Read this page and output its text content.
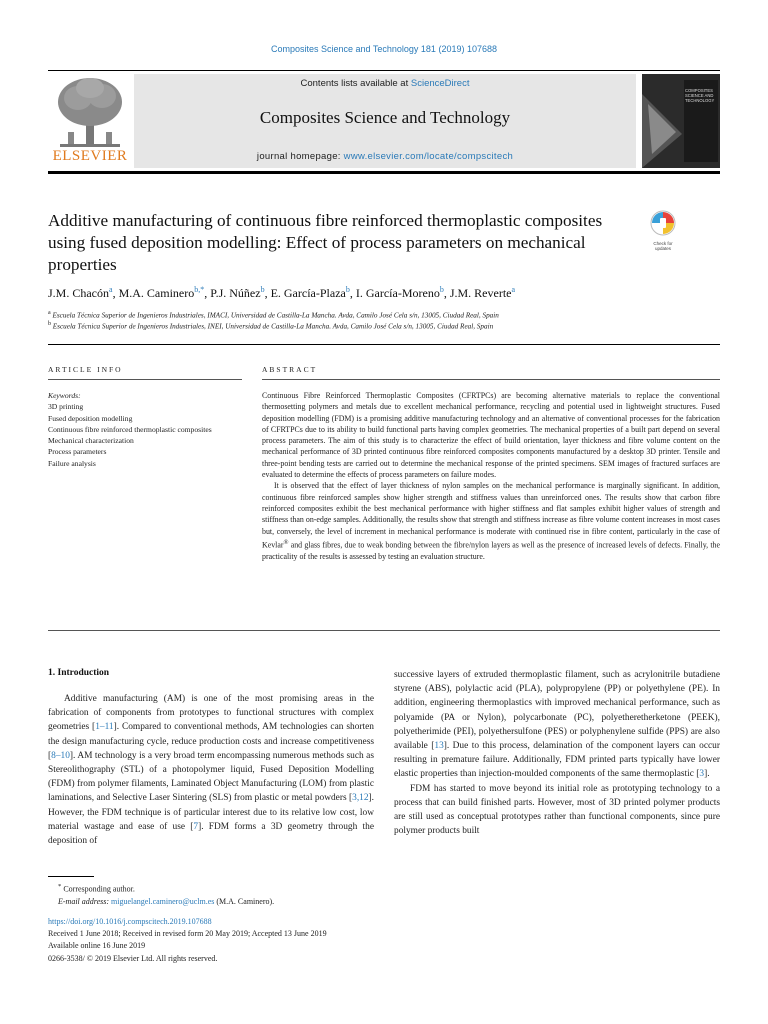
Composites Science and Technology 181 (2019) 107688
ELSEVIER
Contents lists available at ScienceDirect
Composites Science and Technology
journal homepage: www.elsevier.com/locate/compscitech
COMPOSITES SCIENCE AND TECHNOLOGY
Additive manufacturing of continuous fibre reinforced thermoplastic composites using fused deposition modelling: Effect of process parameters on mechanical properties
Check for updates
J.M. Chacón$^a$, M.A. Caminero$^{b,*}$, P.J. Núñez$^b$, E. García-Plaza$^b$, I. García-Moreno$^b$, J.M. Reverte$^a$
$^a$ Escuela Técnica Superior de Ingenieros Industriales, IMACI, Universidad de Castilla-La Mancha. Avda, Camilo José Cela s/n, 13005, Ciudad Real, Spain
$^b$ Escuela Técnica Superior de Ingenieros Industriales, INEI, Universidad de Castilla-La Mancha. Avda, Camilo José Cela s/n, 13005, Ciudad Real, Spain
ARTICLE INFO
Keywords:
3D printing
Fused deposition modelling
Continuous fibre reinforced thermoplastic composites
Mechanical characterization
Process parameters
Failure analysis
ABSTRACT

Continuous Fibre Reinforced Thermoplastic Composites (CFRTPCs) are becoming alternative materials to replace the conventional thermosetting polymers and metals due to excellent mechanical performance, recycling and potential used in lightweight structures. Fused deposition modelling (FDM) is a promising additive manufacturing technology and an alternative of conventional processes for the fabrication of CFRTPCs due to its ability to build functional parts having complex geometries. The mechanical properties of a built part depend on several process parameters. The aim of this study is to characterize the effect of build orientation, layer thickness and fibre volume content on the mechanical performance of 3D printed continuous fibre reinforced composites components manufactured by a desktop 3D printer. Tensile and three-point bending tests are carried out to determine the mechanical response of the printed specimens. SEM images of fractured surfaces are evaluated to determine the effects of process parameters on failure modes.

It is observed that the effect of layer thickness of nylon samples on the mechanical performance is marginally significant. In addition, continuous fibre reinforced samples show higher strength and stiffness values than unreinforced ones. The results show that carbon fibre reinforced composites exhibit the best mechanical performance with higher stiffness and flat samples exhibit higher values of strength and stiffness than on-edge samples. Additionally, the results show that strength and stiffness increase as fibre volume content increases in most cases but, conversely, the level of increment in mechanical performance is moderate with continued rise in fibre content, particularly in the case of Kevlar® and glass fibres, due to weak bonding between the fibre/nylon layers as well as the presence of increased levels of defects. Finally, the practicality of the results is assessed by testing an evaluation structure.

1. Introduction

Additive manufacturing (AM) is one of the most promising areas in the fabrication of components from prototypes to functional structures with complex geometries [1–11]. Compared to conventional methods, AM technologies can shorten the design manufacturing cycle, reduce production costs and increase competitiveness [8–10]. AM technology is a very broad term encompassing numerous methods such as Stereolithography (STL) of a photopolymer liquid, Fused Deposition Modelling (FDM) from polymer filaments, Laminated Object Manufacturing (LOM) from plastic laminations, and Selective Laser Sintering (SLS) from plastic or metal powders [3,12]. However, the FDM technique is of particular interest due to its relative low cost, low material wastage and ease of use [7]. FDM forms a 3D geometry through the deposition of

successive layers of extruded thermoplastic filament, such as acrylonitrile butadiene styrene (ABS), polylactic acid (PLA), polypropylene (PP) or polyethylene (PE). In addition, engineering thermoplastics with improved mechanical performance, such as polyamide (PA or Nylon), polycarbonate (PC), polyetheretherketone (PEEK), polyetherimide (PEI), polyethersulfone (PES) or polyphenylene sulfide (PPS) are also available [13]. Due to this process, delamination of the component layers can occur resulting in premature failure. Additionally, FDM printed parts typically have lower elastic properties than injection-moulded components of the same thermoplastic [3].

FDM has started to move beyond its initial role as prototyping technology to a process that can build finished parts. However, most of 3D printed polymer products are still used as conceptual prototypes rather than functional components, since pure polymer products built

* Corresponding author.
E-mail address: miguelangel.caminero@uclm.es (M.A. Caminero).
https://doi.org/10.1016/j.compscitech.2019.107688
Received 1 June 2018; Received in revised form 20 May 2019; Accepted 13 June 2019
Available online 16 June 2019
0266-3538/ © 2019 Elsevier Ltd. All rights reserved.
